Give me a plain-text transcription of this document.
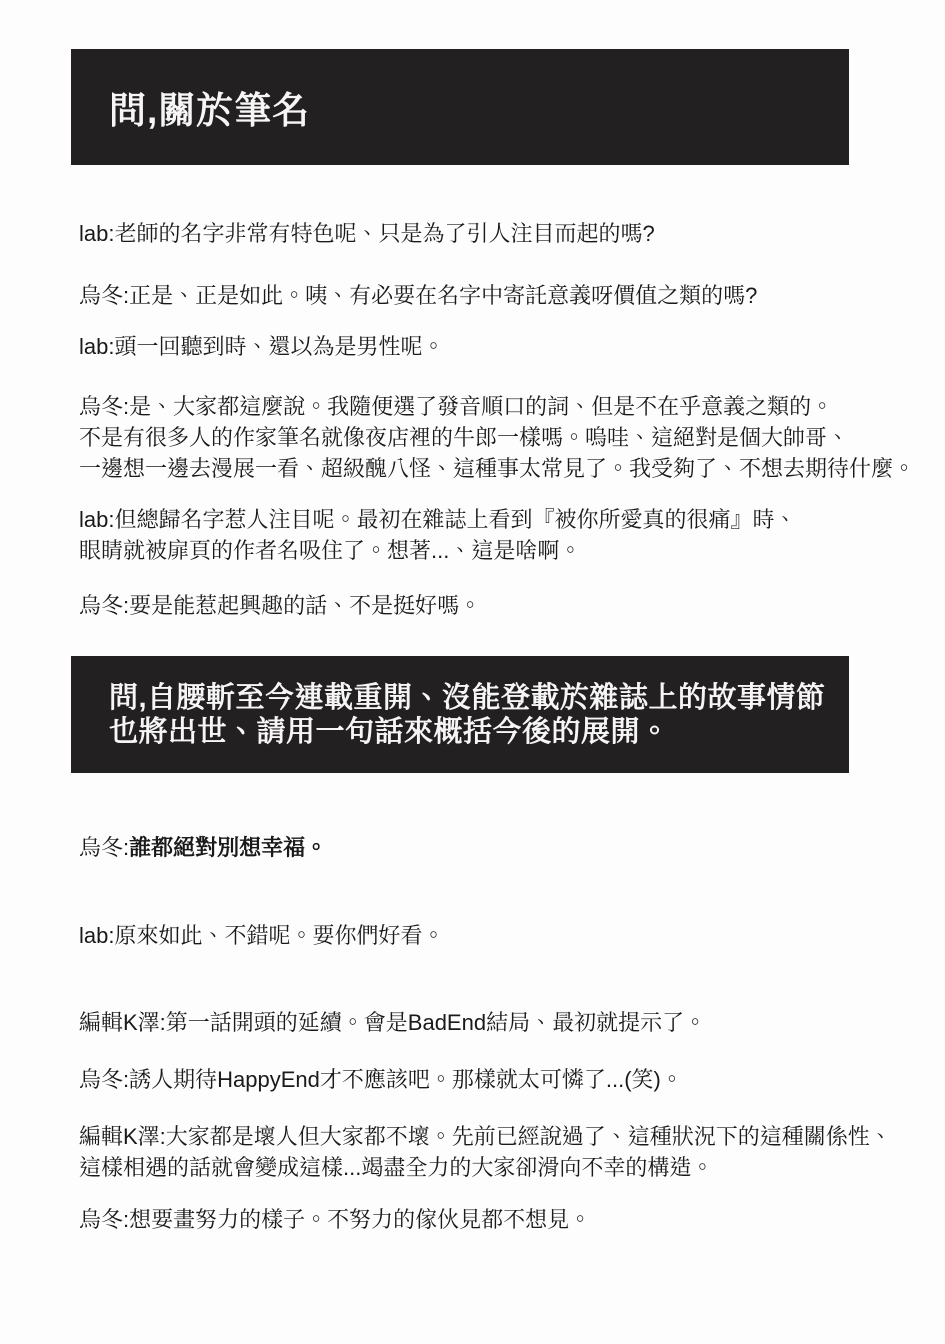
問,關於筆名

lab:老師的名字非常有特色呢、只是為了引人注目而起的嗎?

烏冬:正是、正是如此。咦、有必要在名字中寄託意義呀價值之類的嗎?

lab:頭一回聽到時、還以為是男性呢。

烏冬:是、大家都這麼說。我隨便選了發音順口的詞、但是不在乎意義之類的。
不是有很多人的作家筆名就像夜店裡的牛郎一樣嗎。嗚哇、這絕對是個大帥哥、
一邊想一邊去漫展一看、超級醜八怪、這種事太常見了。我受夠了、不想去期待什麼。

lab:但總歸名字惹人注目呢。最初在雜誌上看到『被你所愛真的很痛』時、
眼睛就被扉頁的作者名吸住了。想著...、這是啥啊。

烏冬:要是能惹起興趣的話、不是挺好嗎。

問,自腰斬至今連載重開、沒能登載於雜誌上的故事情節
也將出世、請用一句話來概括今後的展開。

烏冬:誰都絕對別想幸福。

lab:原來如此、不錯呢。要你們好看。

編輯K澤:第一話開頭的延續。會是BadEnd結局、最初就提示了。

烏冬:誘人期待HappyEnd才不應該吧。那樣就太可憐了...(笑)。

編輯K澤:大家都是壞人但大家都不壞。先前已經說過了、這種狀況下的這種關係性、
這樣相遇的話就會變成這樣...竭盡全力的大家卻滑向不幸的構造。

烏冬:想要畫努力的樣子。不努力的傢伙見都不想見。
